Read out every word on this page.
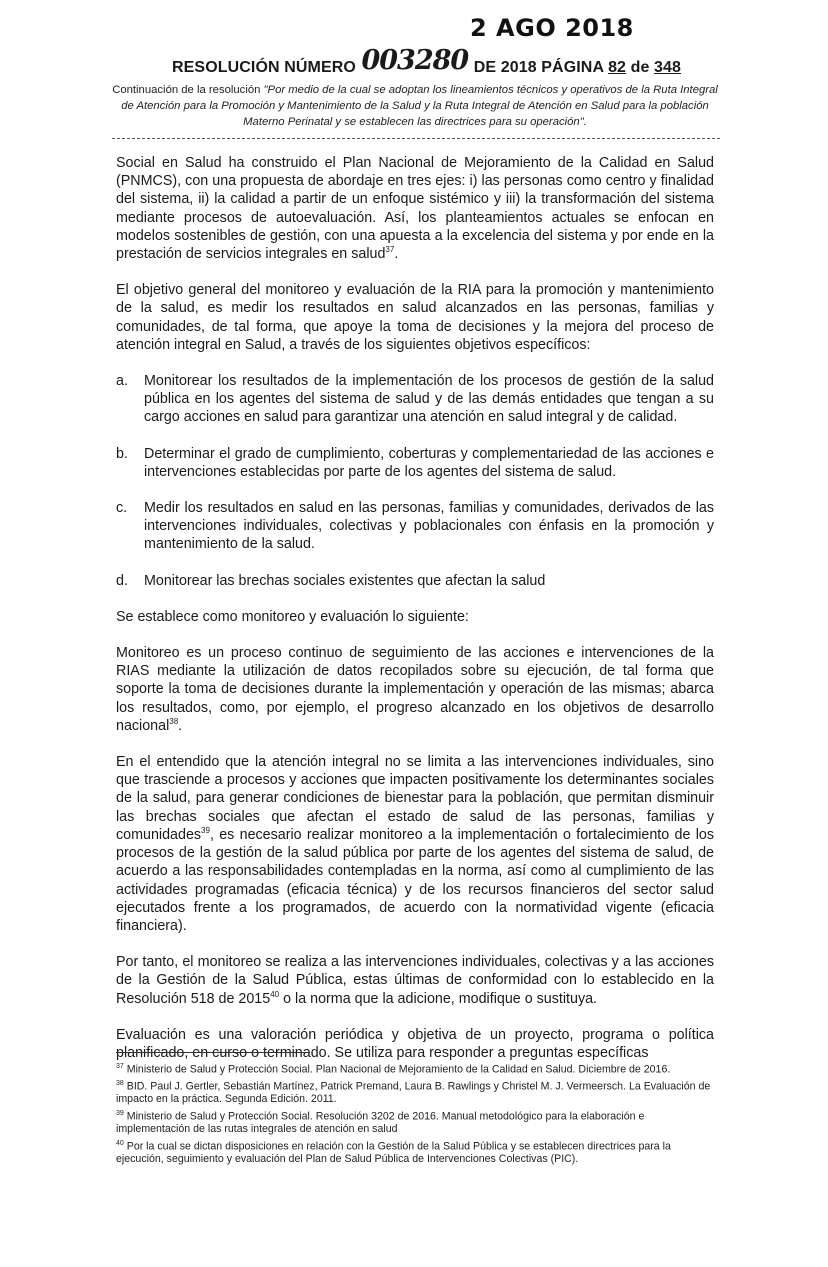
2 AGO 2018
RESOLUCIÓN NÚMERO 003280 DE 2018 PÁGINA 82 de 348
Continuación de la resolución "Por medio de la cual se adoptan los lineamientos técnicos y operativos de la Ruta Integral de Atención para la Promoción y Mantenimiento de la Salud y la Ruta Integral de Atención en Salud para la población Materno Perinatal y se establecen las directrices para su operación".

Social en Salud ha construido el Plan Nacional de Mejoramiento de la Calidad en Salud (PNMCS), con una propuesta de abordaje en tres ejes: i) las personas como centro y finalidad del sistema, ii) la calidad a partir de un enfoque sistémico y iii) la transformación del sistema mediante procesos de autoevaluación. Así, los planteamientos actuales se enfocan en modelos sostenibles de gestión, con una apuesta a la excelencia del sistema y por ende en la prestación de servicios integrales en salud$^{37}$.

El objetivo general del monitoreo y evaluación de la RIA para la promoción y mantenimiento de la salud, es medir los resultados en salud alcanzados en las personas, familias y comunidades, de tal forma, que apoye la toma de decisiones y la mejora del proceso de atención integral en Salud, a través de los siguientes objetivos específicos:

a.	Monitorear los resultados de la implementación de los procesos de gestión de la salud pública en los agentes del sistema de salud y de las demás entidades que tengan a su cargo acciones en salud para garantizar una atención en salud integral y de calidad.
b.	Determinar el grado de cumplimiento, coberturas y complementariedad de las acciones e intervenciones establecidas por parte de los agentes del sistema de salud.
c.	Medir los resultados en salud en las personas, familias y comunidades, derivados de las intervenciones individuales, colectivas y poblacionales con énfasis en la promoción y mantenimiento de la salud.
d.	Monitorear las brechas sociales existentes que afectan la salud

Se establece como monitoreo y evaluación lo siguiente:

Monitoreo es un proceso continuo de seguimiento de las acciones e intervenciones de la RIAS mediante la utilización de datos recopilados sobre su ejecución, de tal forma que soporte la toma de decisiones durante la implementación y operación de las mismas; abarca los resultados, como, por ejemplo, el progreso alcanzado en los objetivos de desarrollo nacional$^{38}$.

En el entendido que la atención integral no se limita a las intervenciones individuales, sino que trasciende a procesos y acciones que impacten positivamente los determinantes sociales de la salud, para generar condiciones de bienestar para la población, que permitan disminuir las brechas sociales que afectan el estado de salud de las personas, familias y comunidades$^{39}$, es necesario realizar monitoreo a la implementación o fortalecimiento de los procesos de la gestión de la salud pública por parte de los agentes del sistema de salud, de acuerdo a las responsabilidades contempladas en la norma, así como al cumplimiento de las actividades programadas (eficacia técnica) y de los recursos financieros del sector salud ejecutados frente a los programados, de acuerdo con la normatividad vigente (eficacia financiera).

Por tanto, el monitoreo se realiza a las intervenciones individuales, colectivas y a las acciones de la Gestión de la Salud Pública, estas últimas de conformidad con lo establecido en la Resolución 518 de 2015$^{40}$ o la norma que la adicione, modifique o sustituya.

Evaluación es una valoración periódica y objetiva de un proyecto, programa o política planificado, en curso o terminado. Se utiliza para responder a preguntas específicas

$^{37}$ Ministerio de Salud y Protección Social. Plan Nacional de Mejoramiento de la Calidad en Salud. Diciembre de 2016.
$^{38}$ BID. Paul J. Gertler, Sebastián Martínez, Patrick Premand, Laura B. Rawlings y Christel M. J. Vermeersch. La Evaluación de impacto en la práctica. Segunda Edición. 2011.
$^{39}$ Ministerio de Salud y Protección Social. Resolución 3202 de 2016. Manual metodológico para la elaboración e implementación de las rutas integrales de atención en salud
$^{40}$ Por la cual se dictan disposiciones en relación con la Gestión de la Salud Pública y se establecen directrices para la ejecución, seguimiento y evaluación del Plan de Salud Pública de Intervenciones Colectivas (PIC).
